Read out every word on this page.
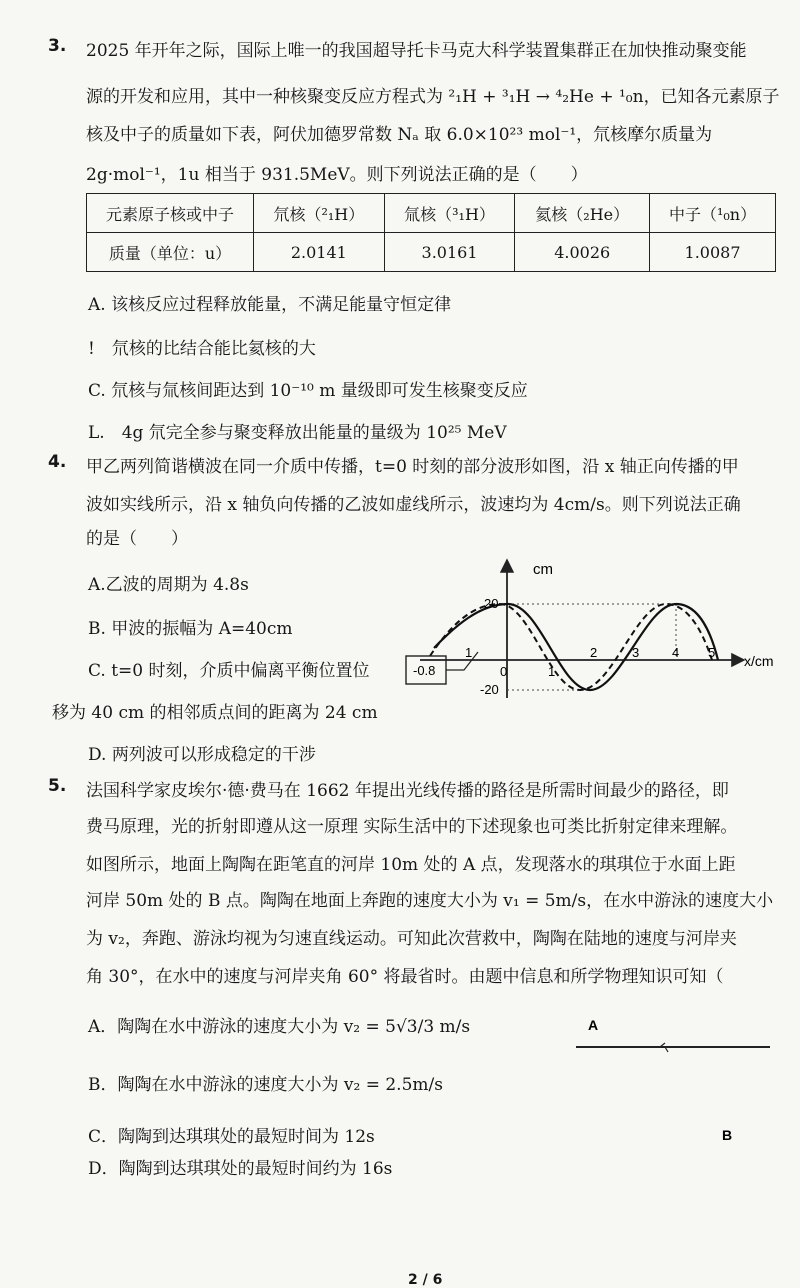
3. 2025 年开年之际，国际上唯一的我国超导托卡马克大科学装置集群正在加快推动聚变能
源的开发和应用，其中一种核聚变反应方程式为 ²₁H + ³₁H → ⁴₂He + ¹₀n，已知各元素原子
核及中子的质量如下表，阿伏加德罗常数 Nₐ 取 6.0×10²³ mol⁻¹，氘核摩尔质量为
2g·mol⁻¹，1u 相当于 931.5MeV。则下列说法正确的是（　　）
元素原子核或中子	氘核（²₁H）	氚核（³₁H）	氦核（₂He）	中子（¹₀n）
质量（单位：u）	2.0141	3.0161	4.0026	1.0087
A. 该核反应过程释放能量，不满足能量守恒定律
!　氘核的比结合能比氦核的大
C. 氘核与氚核间距达到 10⁻¹⁰ m 量级即可发生核聚变反应
L.　4g 氘完全参与聚变释放出能量的量级为 10²⁵ MeV
4. 甲乙两列简谐横波在同一介质中传播，t=0 时刻的部分波形如图，沿 x 轴正向传播的甲
波如实线所示，沿 x 轴负向传播的乙波如虚线所示，波速均为 4cm/s。则下列说法正确
的是（　　）
A.乙波的周期为 4.8s
B. 甲波的振幅为 A=40cm
C. t=0 时刻，介质中偏离平衡位置位
移为 40 cm 的相邻质点间的距离为 24 cm
D. 两列波可以形成稳定的干涉
cm
x/cm
0
1
1
2	3	4 5
20
-20
-0.8
5. 法国科学家皮埃尔·德·费马在 1662 年提出光线传播的路径是所需时间最少的路径，即
费马原理，光的折射即遵从这一原理 实际生活中的下述现象也可类比折射定律来理解。
如图所示，地面上陶陶在距笔直的河岸 10m 处的 A 点，发现落水的琪琪位于水面上距
河岸 50m 处的 B 点。陶陶在地面上奔跑的速度大小为 v₁ = 5m/s，在水中游泳的速度大小
为 v₂，奔跑、游泳均视为匀速直线运动。可知此次营救中，陶陶在陆地的速度与河岸夹
角 30°，在水中的速度与河岸夹角 60° 将最省时。由题中信息和所学物理知识可知（
A．陶陶在水中游泳的速度大小为 v₂ = 5√3/3 m/s
B．陶陶在水中游泳的速度大小为 v₂ = 2.5m/s
C．陶陶到达琪琪处的最短时间为 12s
D．陶陶到达琪琪处的最短时间约为 16s
A
B
2 / 6
